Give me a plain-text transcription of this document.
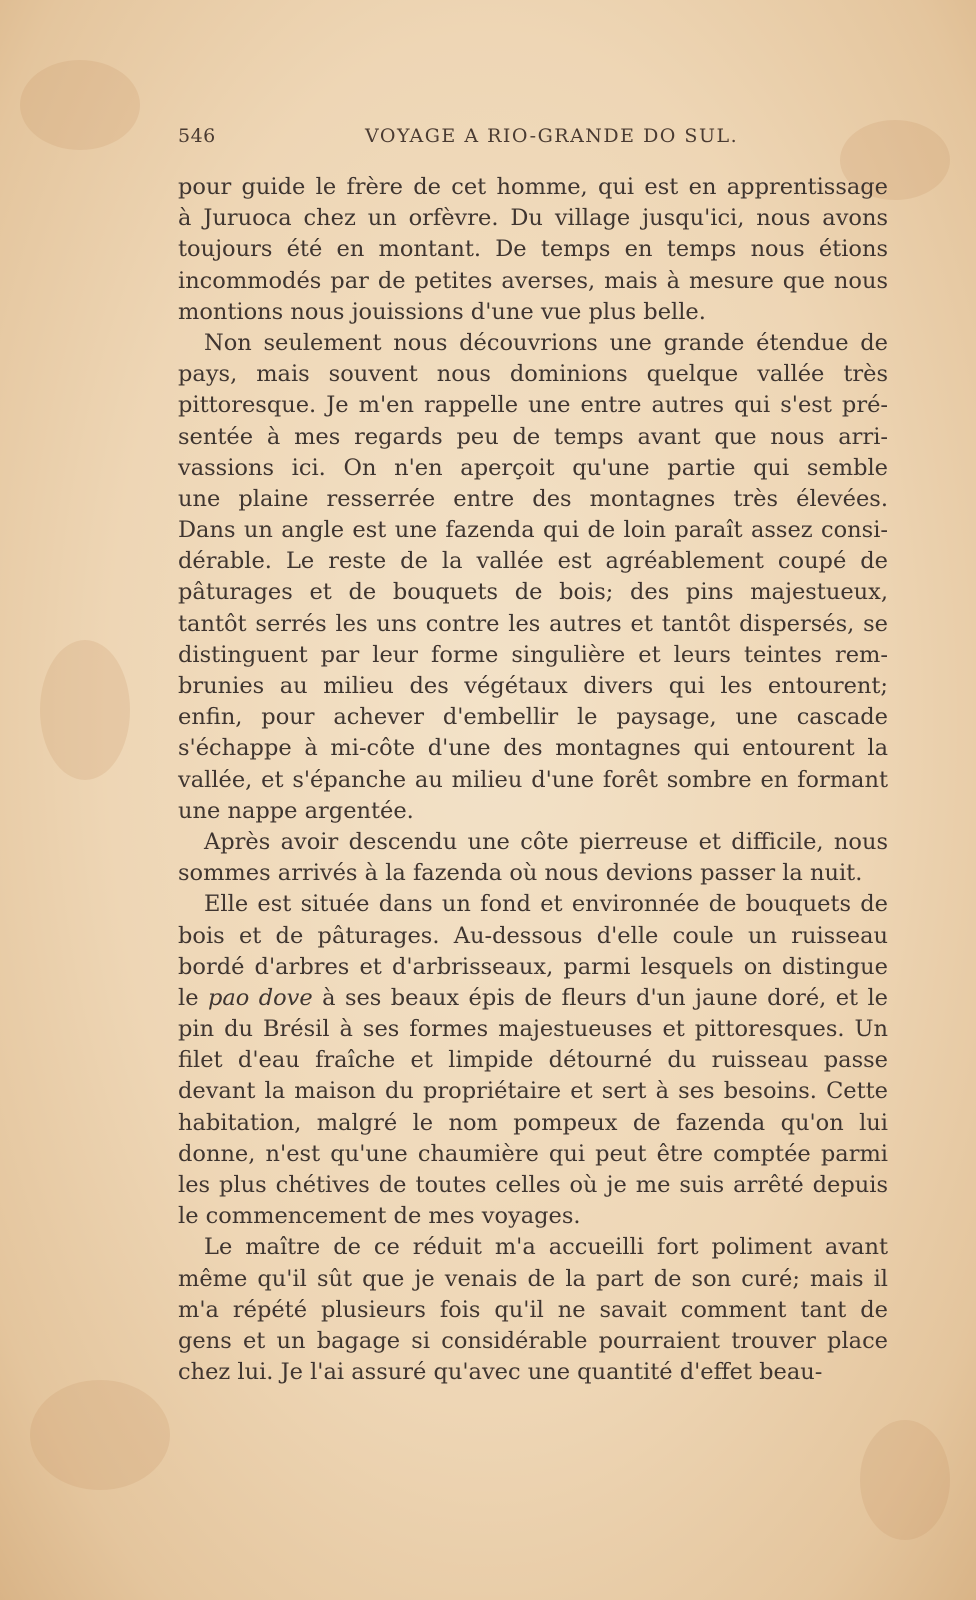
546	VOYAGE A RIO-GRANDE DO SUL.
pour guide le frère de cet homme, qui est en apprentissage
à Juruoca chez un orfèvre. Du village jusqu'ici, nous avons
toujours été en montant. De temps en temps nous étions
incommodés par de petites averses, mais à mesure que nous
montions nous jouissions d'une vue plus belle.
Non seulement nous découvrions une grande étendue de
pays, mais souvent nous dominions quelque vallée très
pittoresque. Je m'en rappelle une entre autres qui s'est pré-
sentée à mes regards peu de temps avant que nous arri-
vassions ici. On n'en aperçoit qu'une partie qui semble
une plaine resserrée entre des montagnes très élevées.
Dans un angle est une fazenda qui de loin paraît assez consi-
dérable. Le reste de la vallée est agréablement coupé de
pâturages et de bouquets de bois; des pins majestueux,
tantôt serrés les uns contre les autres et tantôt dispersés, se
distinguent par leur forme singulière et leurs teintes rem-
brunies au milieu des végétaux divers qui les entourent;
enfin, pour achever d'embellir le paysage, une cascade
s'échappe à mi-côte d'une des montagnes qui entourent la
vallée, et s'épanche au milieu d'une forêt sombre en formant
une nappe argentée.
Après avoir descendu une côte pierreuse et difficile, nous
sommes arrivés à la fazenda où nous devions passer la nuit.
Elle est située dans un fond et environnée de bouquets de
bois et de pâturages. Au-dessous d'elle coule un ruisseau
bordé d'arbres et d'arbrisseaux, parmi lesquels on distingue
le pao dove à ses beaux épis de fleurs d'un jaune doré, et le
pin du Brésil à ses formes majestueuses et pittoresques. Un
filet d'eau fraîche et limpide détourné du ruisseau passe
devant la maison du propriétaire et sert à ses besoins. Cette
habitation, malgré le nom pompeux de fazenda qu'on lui
donne, n'est qu'une chaumière qui peut être comptée parmi
les plus chétives de toutes celles où je me suis arrêté depuis
le commencement de mes voyages.
Le maître de ce réduit m'a accueilli fort poliment avant
même qu'il sût que je venais de la part de son curé; mais il
m'a répété plusieurs fois qu'il ne savait comment tant de
gens et un bagage si considérable pourraient trouver place
chez lui. Je l'ai assuré qu'avec une quantité d'effet beau-
